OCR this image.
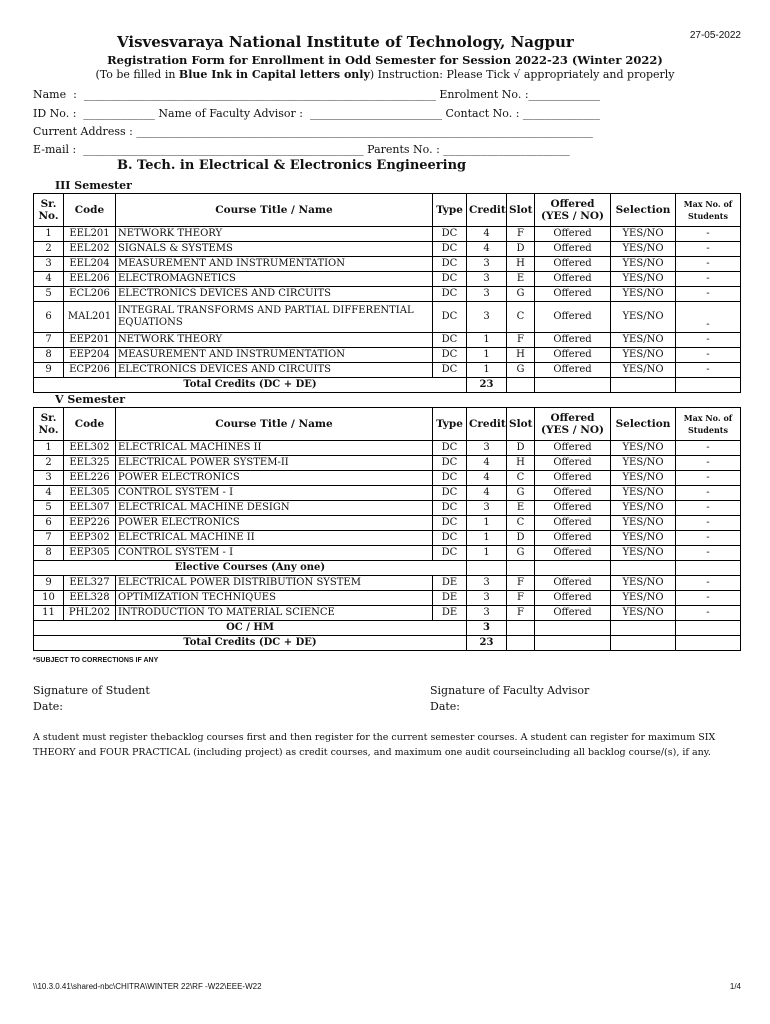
27-05-2022
Visvesvaraya National Institute of Technology, Nagpur
Registration Form for Enrollment in Odd Semester for Session 2022-23 (Winter 2022)
(To be filled in Blue Ink in Capital letters only) Instruction: Please Tick √ appropriately and properly
Name  :  ________________________________________________________________ Enrolment No. :_____________
ID No. :  _____________ Name of Faculty Advisor :  ________________________ Contact No. : ______________
Current Address : ___________________________________________________________________________________
E-mail :  ___________________________________________________ Parents No. : _______________________
B. Tech. in Electrical & Electronics Engineering
III Semester
Sr. No.	Code	Course Title / Name	Type	Credit	Slot	Offered (YES / NO)	Selection	Max No. of Students
1	EEL201	NETWORK THEORY	DC	4	F	Offered	YES/NO	-
2	EEL202	SIGNALS & SYSTEMS	DC	4	D	Offered	YES/NO	-
3	EEL204	MEASUREMENT AND INSTRUMENTATION	DC	3	H	Offered	YES/NO	-
4	EEL206	ELECTROMAGNETICS	DC	3	E	Offered	YES/NO	-
5	ECL206	ELECTRONICS DEVICES AND CIRCUITS	DC	3	G	Offered	YES/NO	-
6	MAL201	INTEGRAL TRANSFORMS AND PARTIAL DIFFERENTIAL EQUATIONS	DC	3	C	Offered	YES/NO	-
7	EEP201	NETWORK THEORY	DC	1	F	Offered	YES/NO	-
8	EEP204	MEASUREMENT AND INSTRUMENTATION	DC	1	H	Offered	YES/NO	-
9	ECP206	ELECTRONICS DEVICES AND CIRCUITS	DC	1	G	Offered	YES/NO	-
Total Credits (DC + DE)				23				
V Semester
Sr. No.	Code	Course Title / Name	Type	Credit	Slot	Offered (YES / NO)	Selection	Max No. of Students
1	EEL302	ELECTRICAL MACHINES II	DC	3	D	Offered	YES/NO	-
2	EEL325	ELECTRICAL POWER SYSTEM-II	DC	4	H	Offered	YES/NO	-
3	EEL226	POWER ELECTRONICS	DC	4	C	Offered	YES/NO	-
4	EEL305	CONTROL SYSTEM - I	DC	4	G	Offered	YES/NO	-
5	EEL307	ELECTRICAL MACHINE DESIGN	DC	3	E	Offered	YES/NO	-
6	EEP226	POWER ELECTRONICS	DC	1	C	Offered	YES/NO	-
7	EEP302	ELECTRICAL MACHINE II	DC	1	D	Offered	YES/NO	-
8	EEP305	CONTROL SYSTEM - I	DC	1	G	Offered	YES/NO	-
Elective Courses (Any one)								
9	EEL327	ELECTRICAL POWER DISTRIBUTION SYSTEM	DE	3	F	Offered	YES/NO	-
10	EEL328	OPTIMIZATION TECHNIQUES	DE	3	F	Offered	YES/NO	-
11	PHL202	INTRODUCTION TO MATERIAL SCIENCE	DE	3	F	Offered	YES/NO	-
OC / HM				3				
Total Credits (DC + DE)				23				
*SUBJECT TO CORRECTIONS IF ANY
Signature of Student
Date:
Signature of Faculty Advisor
Date:
A student must register thebacklog courses first and then register for the current semester courses. A student can register for maximum SIX THEORY and FOUR PRACTICAL (including project) as credit courses, and maximum one audit courseincluding all backlog course/(s), if any.
\\10.3.0.41\shared-nbc\CHITRA\WINTER 22\RF -W22\EEE-W22	1/4
